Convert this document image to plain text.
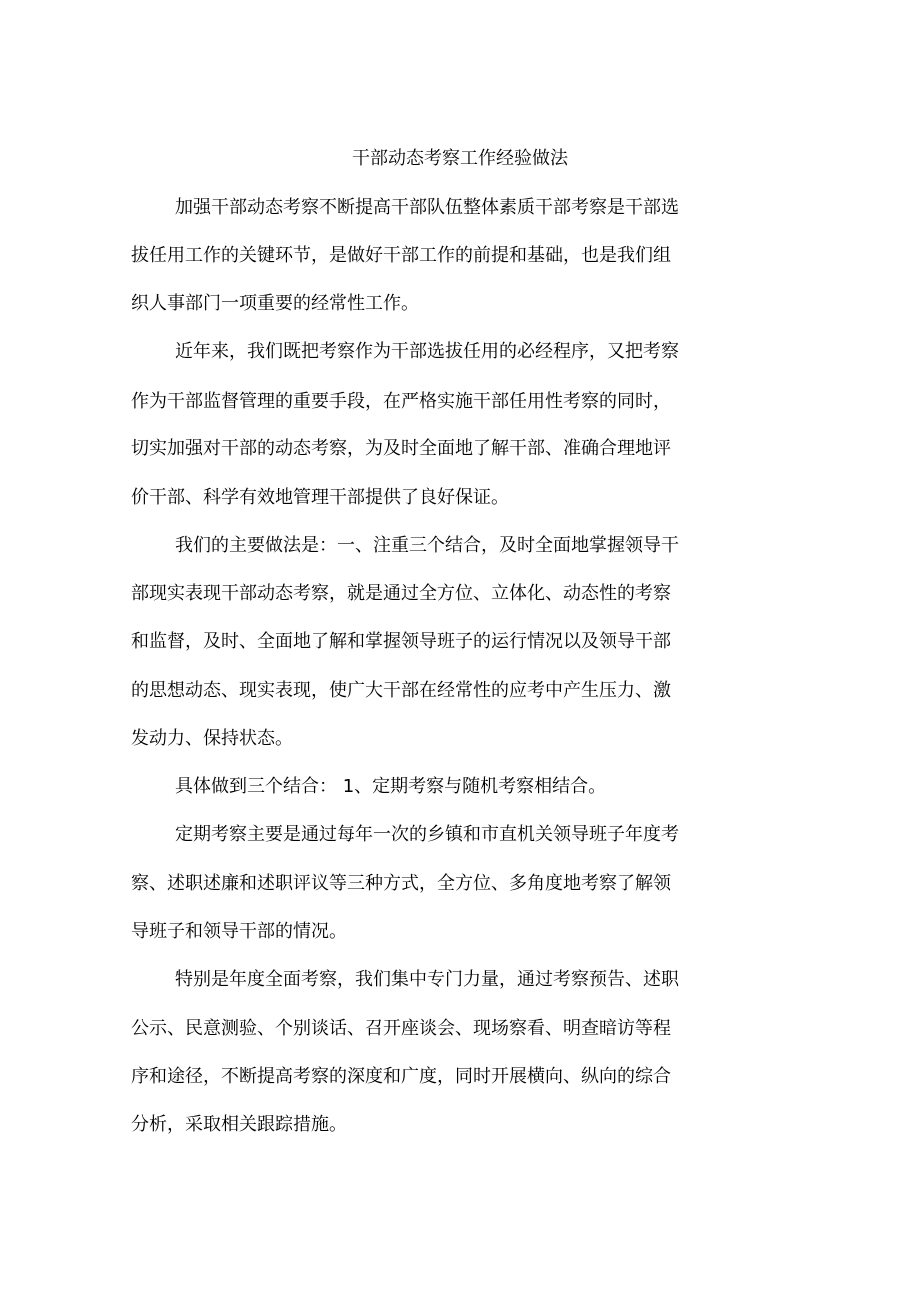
干部动态考察工作经验做法
加强干部动态考察不断提高干部队伍整体素质干部考察是干部选
拔任用工作的关键环节，是做好干部工作的前提和基础，也是我们组
织人事部门一项重要的经常性工作。
近年来，我们既把考察作为干部选拔任用的必经程序，又把考察
作为干部监督管理的重要手段，在严格实施干部任用性考察的同时，
切实加强对干部的动态考察，为及时全面地了解干部、准确合理地评
价干部、科学有效地管理干部提供了良好保证。
我们的主要做法是：一、注重三个结合，及时全面地掌握领导干
部现实表现干部动态考察，就是通过全方位、立体化、动态性的考察
和监督，及时、全面地了解和掌握领导班子的运行情况以及领导干部
的思想动态、现实表现，使广大干部在经常性的应考中产生压力、激
发动力、保持状态。
具体做到三个结合： 1、定期考察与随机考察相结合。
定期考察主要是通过每年一次的乡镇和市直机关领导班子年度考
察、述职述廉和述职评议等三种方式，全方位、多角度地考察了解领
导班子和领导干部的情况。
特别是年度全面考察，我们集中专门力量，通过考察预告、述职
公示、民意测验、个别谈话、召开座谈会、现场察看、明查暗访等程
序和途径，不断提高考察的深度和广度，同时开展横向、纵向的综合
分析，采取相关跟踪措施。
